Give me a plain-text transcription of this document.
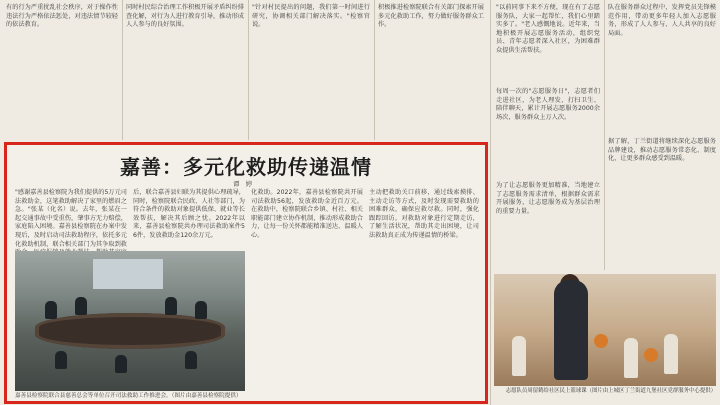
有的行为严重扰乱社会秩序，对于操作性违法行为严格依法惩处，对违法情节较轻的依法教育。
同时村民综合治理工作积极开展矛盾纠纷排查化解，对行为人进行教育引导，推动形成人人参与的良好氛围。
"针对村民提出的问题，我们第一时间进行研究，协调相关部门解决落实。"检察官说。
积极推进检察院联合有关部门探索开展多元化救助工作，努力做好服务群众工作。
"以前同事下来不方便，现在有了志愿服务队，大家一起帮忙，我们心里踏实多了。"老人感慨地说。近年来，当地积极开展志愿服务活动，组织党员、青年志愿者深入社区，为困难群众提供生活帮扶。
每周一次的"志愿服务日"，志愿者们走进社区，为老人理发、打扫卫生、陪伴聊天，累计开展志愿服务2000余场次，服务群众上万人次。
为了让志愿服务更加精准，当地建立了志愿服务需求清单，根据群众需求开展服务，让志愿服务成为基层治理的重要力量。
队在服务群众过程中，发挥党员先锋模范作用，带动更多年轻人加入志愿服务，形成了人人参与、人人共享的良好局面。
据了解，丁兰街道将继续深化志愿服务品牌建设，推动志愿服务常态化、制度化，让更多群众感受到温暖。
志愿队员周留鹤给社区民上篮球课（图片由上城区丁兰街道九堡社区党群服务中心提供）
嘉善：多元化救助传递温情
谭 婷
"感谢嘉善县检察院为我们提供的5万元司法救助金，这笔救助解决了家里的燃眉之急。"张某（化名）说。去年，张某在一起交通事故中受重伤，肇事方无力赔偿，家庭陷入困境。嘉善县检察院在办案中发现后，及时启动司法救助程序，依托多元化救助机制，联合相关部门为其争取到救
后，联合嘉善县妇联为其提供心理疏导，同时，检察院联合民政、人社等部门，为符合条件的救助对象提供低保、就业等长效帮扶，解决其后顾之忧。2022年以来，嘉善县检察院共办理司法救助案件56件，发放救助金120余万元。
化救助。2022年，嘉善县检察院共开展司法救助56起，发放救助金近百万元。在救助中，检察院联合乡镇、村社、相关职能部门建立协作机制，推动形成救助合力，让每一份关怀都能精准送达、温暖人心。
主动把救助关口前移，通过线索摸排、主动走访等方式，及时发现需要救助的困难群众，确保应救尽救。同时，强化跟踪回访，对救助对象进行定期走访，了解生活状况，帮助其走出困境，让司法救助真正成为传递温情的桥梁。
嘉善县检察院联合县慈善总会等单位召开司法救助工作推进会。（图片由嘉善县检察院提供）
